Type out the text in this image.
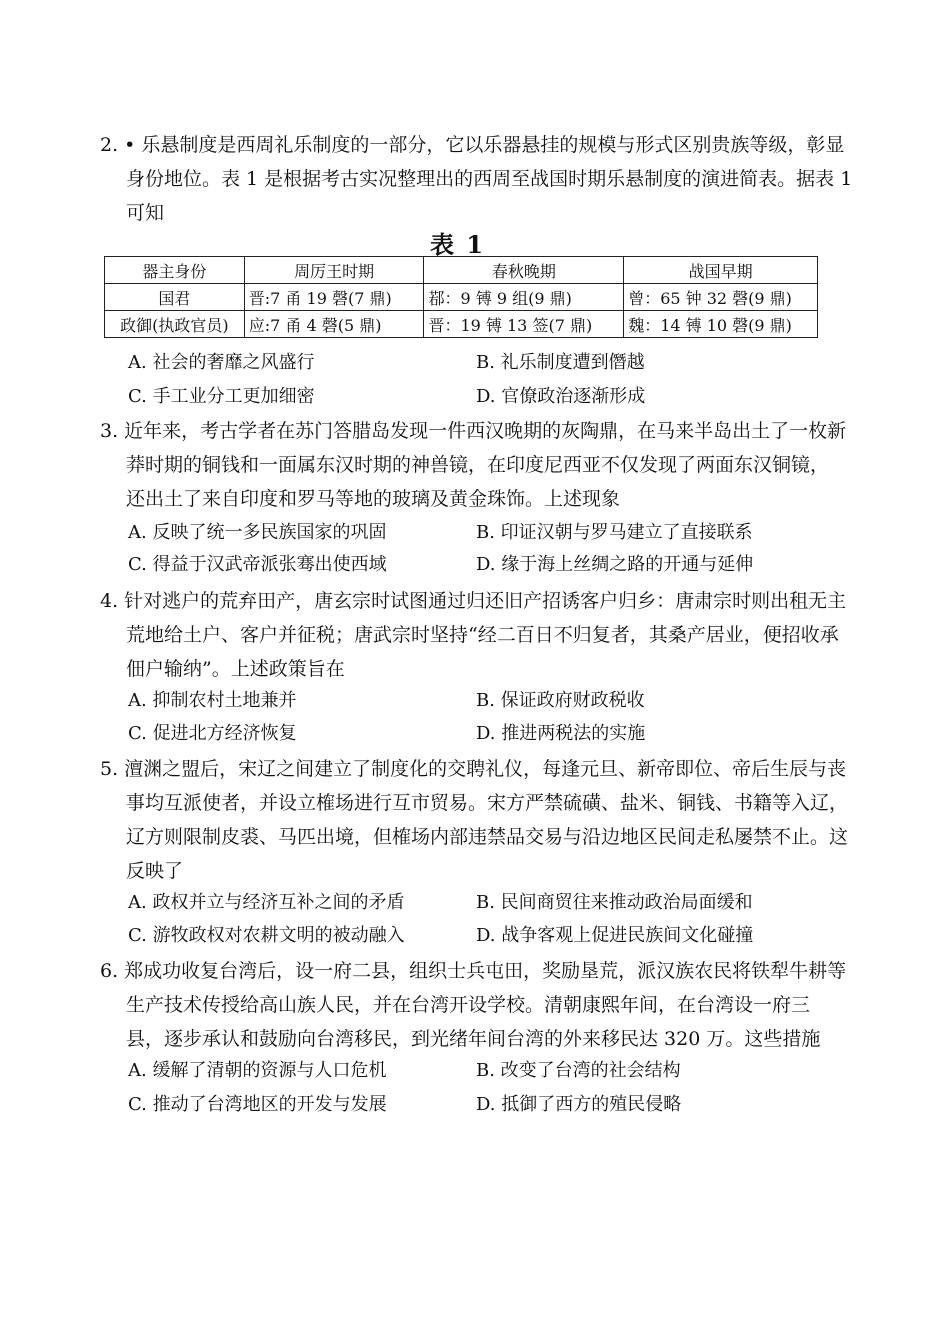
2. • 乐悬制度是西周礼乐制度的一部分，它以乐器悬挂的规模与形式区别贵族等级，彰显
身份地位。表 1 是根据考古实况整理出的西周至战国时期乐悬制度的演进简表。据表 1
可知
表 1
器主身份	周厉王时期	春秋晚期	战国早期
国君	晋:7 甬 19 磬(7 鼎)	鄀：9 镈 9 组(9 鼎)	曾：65 钟 32 磬(9 鼎)
政御(执政官员)	应:7 甬 4 磬(5 鼎)	晋：19 镈 13 签(7 鼎)	魏：14 镈 10 磬(9 鼎)
A. 社会的奢靡之风盛行	B. 礼乐制度遭到僭越
C. 手工业分工更加细密	D. 官僚政治逐渐形成
3. 近年来，考古学者在苏门答腊岛发现一件西汉晚期的灰陶鼎，在马来半岛出土了一枚新
莽时期的铜钱和一面属东汉时期的神兽镜，在印度尼西亚不仅发现了两面东汉铜镜，
还出土了来自印度和罗马等地的玻璃及黄金珠饰。上述现象
A. 反映了统一多民族国家的巩固	B. 印证汉朝与罗马建立了直接联系
C. 得益于汉武帝派张骞出使西域	D. 缘于海上丝绸之路的开通与延伸
4. 针对逃户的荒弃田产，唐玄宗时试图通过归还旧产招诱客户归乡：唐肃宗时则出租无主
荒地给土户、客户并征税；唐武宗时坚持“经二百日不归复者，其桑产居业，便招收承
佃户输纳”。上述政策旨在
A. 抑制农村土地兼并	B. 保证政府财政税收
C. 促进北方经济恢复	D. 推进两税法的实施
5. 澶渊之盟后，宋辽之间建立了制度化的交聘礼仪，每逢元旦、新帝即位、帝后生辰与丧
事均互派使者，并设立榷场进行互市贸易。宋方严禁硫磺、盐米、铜钱、书籍等入辽，
辽方则限制皮裘、马匹出境，但榷场内部违禁品交易与沿边地区民间走私屡禁不止。这
反映了
A. 政权并立与经济互补之间的矛盾	B. 民间商贸往来推动政治局面缓和
C. 游牧政权对农耕文明的被动融入	D. 战争客观上促进民族间文化碰撞
6. 郑成功收复台湾后，设一府二县，组织士兵屯田，奖励垦荒，派汉族农民将铁犁牛耕等
生产技术传授给高山族人民，并在台湾开设学校。清朝康熙年间，在台湾设一府三
县，逐步承认和鼓励向台湾移民，到光绪年间台湾的外来移民达 320 万。这些措施
A. 缓解了清朝的资源与人口危机	B. 改变了台湾的社会结构
C. 推动了台湾地区的开发与发展	D. 抵御了西方的殖民侵略
